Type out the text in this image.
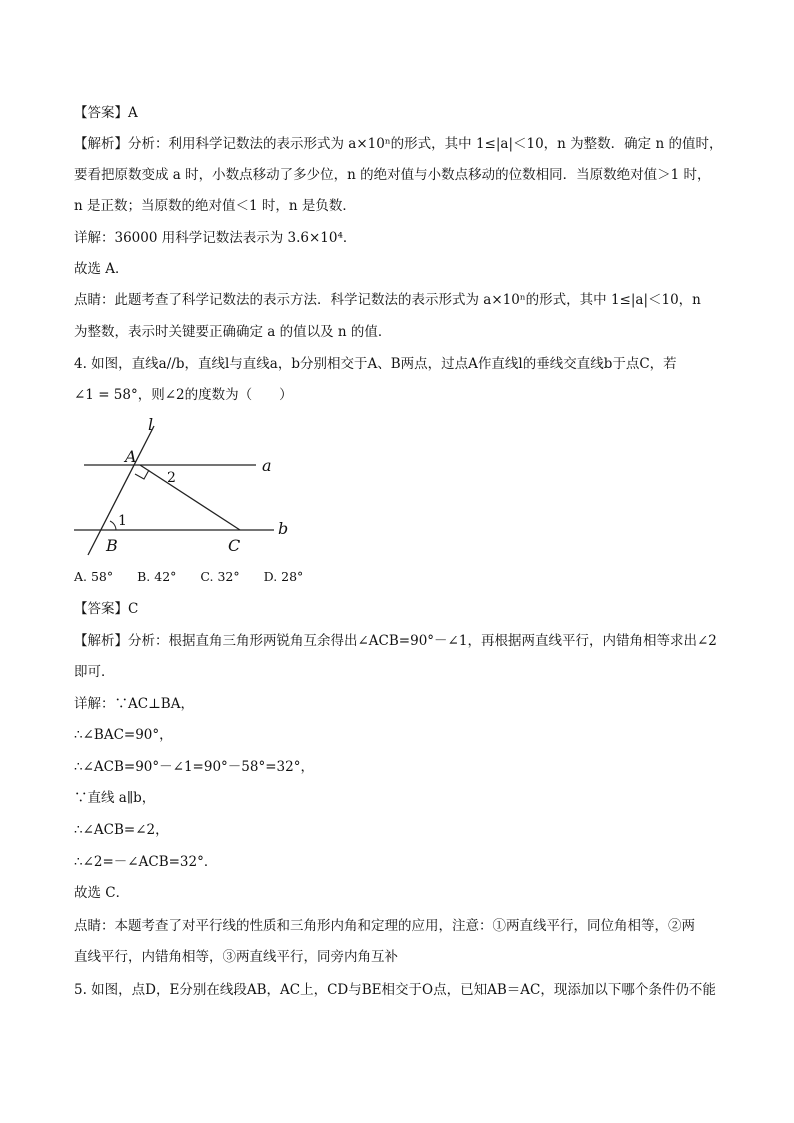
【答案】A
【解析】分析：利用科学记数法的表示形式为 a×10ⁿ的形式，其中 1≤|a|＜10，n 为整数．确定 n 的值时，
要看把原数变成 a 时，小数点移动了多少位，n 的绝对值与小数点移动的位数相同．当原数绝对值＞1 时，
n 是正数；当原数的绝对值＜1 时，n 是负数．
详解：36000 用科学记数法表示为 3.6×10⁴．
故选 A．
点睛：此题考查了科学记数法的表示方法．科学记数法的表示形式为 a×10ⁿ的形式，其中 1≤|a|＜10，n
为整数，表示时关键要正确确定 a 的值以及 n 的值．
4. 如图，直线a//b，直线l与直线a，b分别相交于A、B两点，过点A作直线l的垂线交直线b于点C，若
∠1 = 58°，则∠2的度数为（　　）
l
a
b
A
B	C
1
2
A. 58° B. 42° C. 32° D. 28°
【答案】C
【解析】分析：根据直角三角形两锐角互余得出∠ACB=90°－∠1，再根据两直线平行，内错角相等求出∠2
即可．
详解：∵AC⊥BA，
∴∠BAC=90°，
∴∠ACB=90°－∠1=90°－58°=32°，
∵直线 a∥b，
∴∠ACB=∠2，
∴∠2=－∠ACB=32°．
故选 C．
点睛：本题考查了对平行线的性质和三角形内角和定理的应用，注意：①两直线平行，同位角相等，②两
直线平行，内错角相等，③两直线平行，同旁内角互补
5. 如图，点D，E分别在线段AB，AC上，CD与BE相交于O点，已知AB＝AC，现添加以下哪个条件仍不能
